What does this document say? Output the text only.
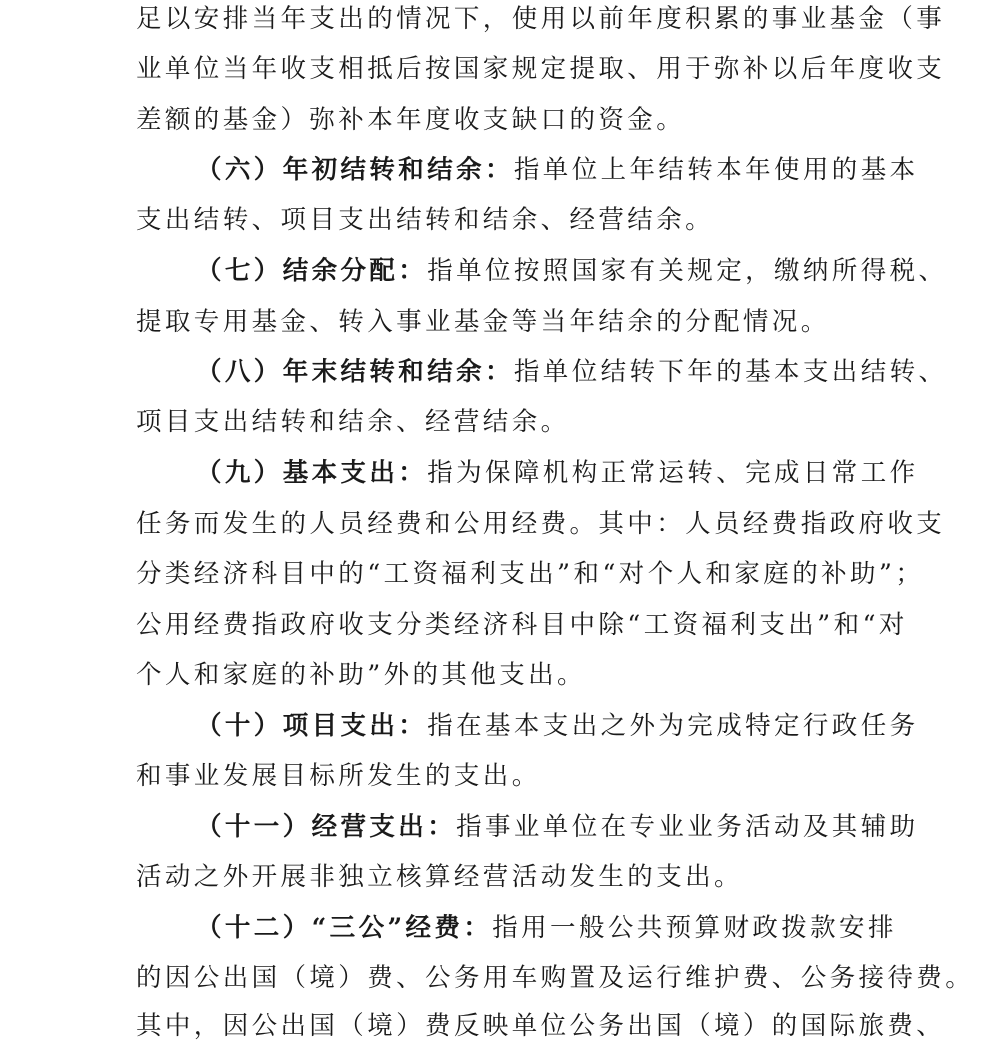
足以安排当年支出的情况下，使用以前年度积累的事业基金（事
业单位当年收支相抵后按国家规定提取、用于弥补以后年度收支
差额的基金）弥补本年度收支缺口的资金。
（六）年初结转和结余：指单位上年结转本年使用的基本
支出结转、项目支出结转和结余、经营结余。
（七）结余分配：指单位按照国家有关规定，缴纳所得税、
提取专用基金、转入事业基金等当年结余的分配情况。
（八）年末结转和结余：指单位结转下年的基本支出结转、
项目支出结转和结余、经营结余。
（九）基本支出：指为保障机构正常运转、完成日常工作
任务而发生的人员经费和公用经费。其中：人员经费指政府收支
分类经济科目中的“工资福利支出”和“对个人和家庭的补助”；
公用经费指政府收支分类经济科目中除“工资福利支出”和“对
个人和家庭的补助”外的其他支出。
（十）项目支出：指在基本支出之外为完成特定行政任务
和事业发展目标所发生的支出。
（十一）经营支出：指事业单位在专业业务活动及其辅助
活动之外开展非独立核算经营活动发生的支出。
（十二）“三公”经费：指用一般公共预算财政拨款安排
的因公出国（境）费、公务用车购置及运行维护费、公务接待费。
其中，因公出国（境）费反映单位公务出国（境）的国际旅费、
